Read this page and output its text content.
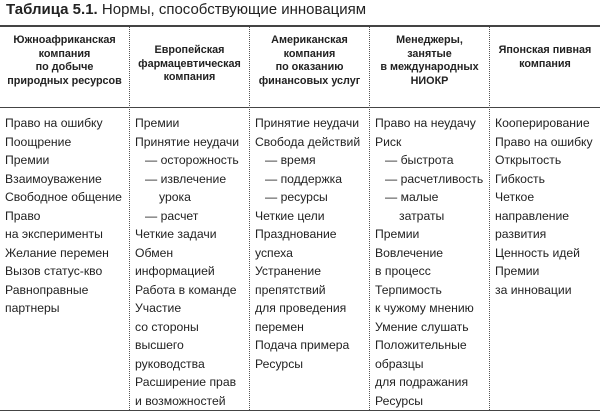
Таблица 5.1. Нормы, способствующие инновациям
Южноафриканская
компания
по добыче
природных ресурсов
Европейская
фармацевтическая
компания
Американская
компания
по оказанию
финансовых услуг
Менеджеры,
занятые
в международных
НИОКР
Японская пивная
компания
Право на ошибку
Поощрение
Премии
Взаимоуважение
Свободное общение
Право
на эксперименты
Желание перемен
Вызов статус-кво
Равноправные
партнеры
Премии
Принятие неудачи
— осторожность
— извлечение
урока
— расчет
Четкие задачи
Обмен
информацией
Работа в команде
Участие
со стороны
высшего
руководства
Расширение прав
и возможностей
Принятие неудачи
Свобода действий
— время
— поддержка
— ресурсы
Четкие цели
Празднование
успеха
Устранение
препятствий
для проведения
перемен
Подача примера
Ресурсы
Право на неудачу
Риск
— быстрота
— расчетливость
— малые
затраты
Премии
Вовлечение
в процесс
Терпимость
к чужому мнению
Умение слушать
Положительные
образцы
для подражания
Ресурсы
Кооперирование
Право на ошибку
Открытость
Гибкость
Четкое
направление
развития
Ценность идей
Премии
за инновации
